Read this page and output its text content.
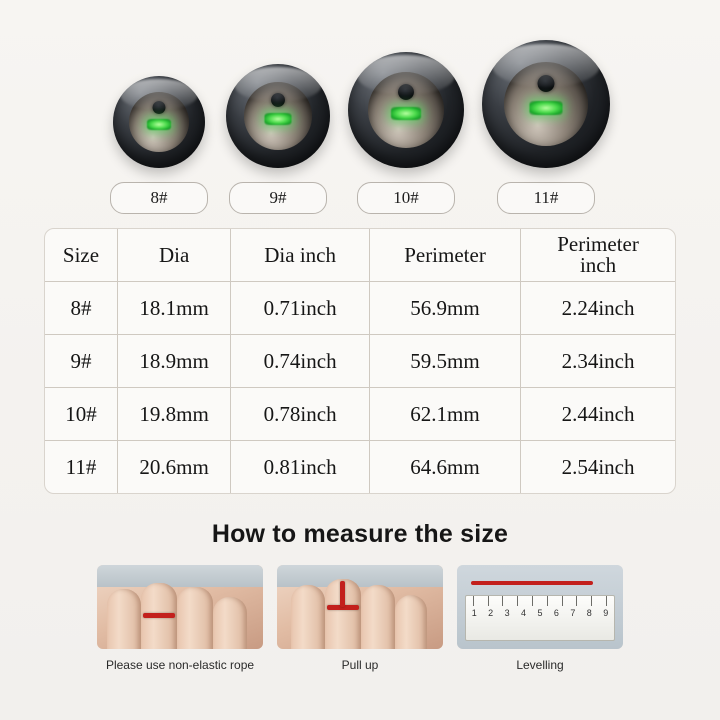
8#	9#	10#	11#
Size	Dia	Dia inch	Perimeter	Perimeter
inch

8#	18.1mm	0.71inch	56.9mm	2.24inch
9#	18.9mm	0.74inch	59.5mm	2.34inch
10#	19.8mm	0.78inch	62.1mm	2.44inch
11#	20.6mm	0.81inch	64.6mm	2.54inch
How to measure the size
Please use non-elastic rope	Pull up
1 2 3 4 5 6 7 8 9
Levelling
